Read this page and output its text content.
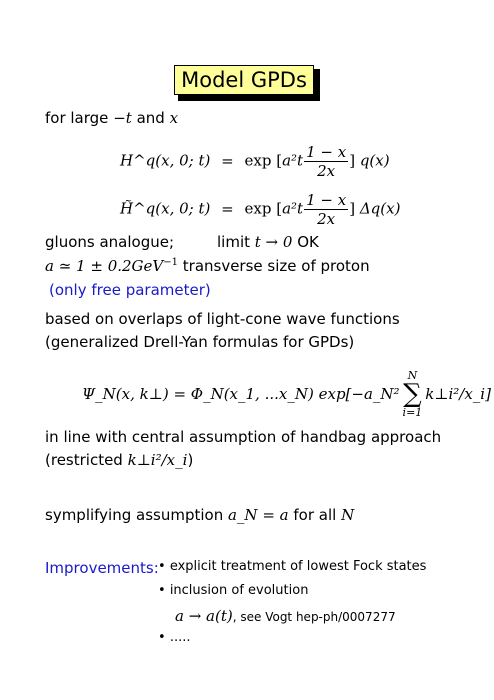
Model GPDs
for large −t and x
H^q(x, 0; $t) = \exp [a^2t \frac{1 - x}{2x}$ ] q(x)
H̃^q(x, 0; $t) = \exp [a^2t \frac{1 - x}{2x}$ ] Δq(x)
gluons analogue;	limit t → 0 OK
a ≃ 1 ± 0.2GeV$^{-1}$ transverse size of proton
(only free parameter)
based on overlaps of light-cone wave functions
(generalized Drell-Yan formulas for GPDs)
Ψ_N(x, k⊥) = Φ_N(x_1, ...x_N) exp[−a_N²
N
∑
i=1
k⊥i²/x_i]
in line with central assumption of handbag approach
(restricted k⊥i²/x_i)
symplifying assumption a_N = a for all N
Improvements: • explicit treatment of lowest Fock states
• inclusion of evolution
a → a(t), see Vogt hep-ph/0007277
• .....
